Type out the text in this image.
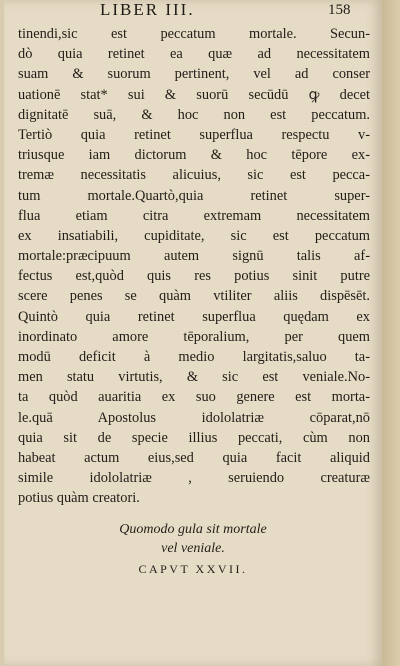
LIBER III.	158
tinendi,sic est peccatum mortale. Secun-
dò quia retinet ea quæ ad necessitatem
suam & suorum pertinent, vel ad conser
uationē stat* sui & suorū secūdū ꝙ decet
dignitatē suā, & hoc non est peccatum.
Tertiò quia retinet superflua respectu v-
triusque iam dictorum & hoc tēpore ex-
tremæ necessitatis alicuius, sic est pecca-
tum mortale.Quartò,quia retinet super-
flua etiam citra extremam necessitatem
ex insatiabili, cupiditate, sic est peccatum
mortale:præcipuum autem signū talis af-
fectus est,quòd quis res potius sinit putre
scere penes se quàm vtiliter aliis dispēsēt.
Quintò quia retinet superflua quędam ex
inordinato amore tēporalium, per quem
modū deficit à medio largitatis,saluo ta-
men statu virtutis, & sic est veniale.No-
ta quòd auaritia ex suo genere est morta-
le.quā Apostolus idololatriæ cōparat,nō
quia sit de specie illius peccati, cùm non
habeat actum eius,sed quia facit aliquid
simile idololatriæ , seruiendo creaturæ
potius quàm creatori.
Quomodo gula sit mortale
vel veniale.
CAPVT XXVII.
